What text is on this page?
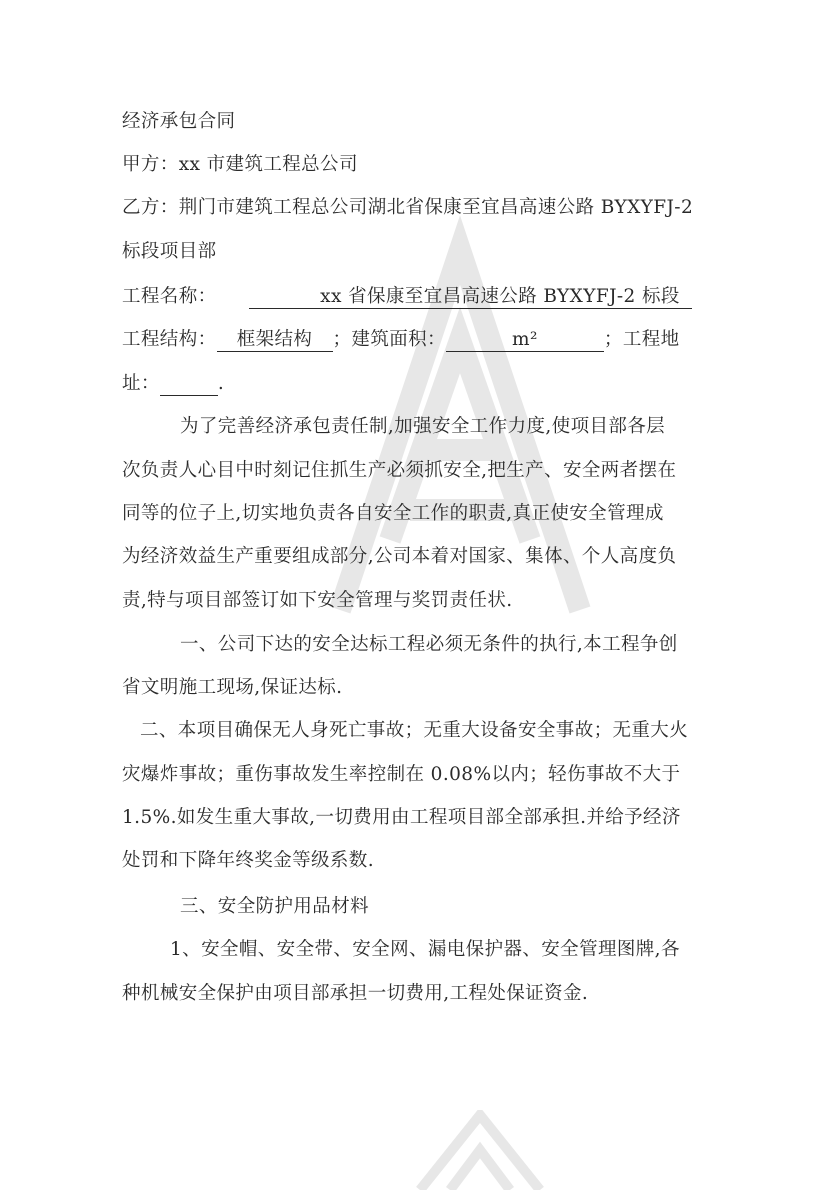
经济承包合同
甲方：xx 市建筑工程总公司
乙方：荆门市建筑工程总公司湖北省保康至宜昌高速公路 BYXYFJ-2
标段项目部
工程名称：	xx 省保康至宜昌高速公路 BYXYFJ-2 标段
工程结构： 框架结构 ；建筑面积：	m²	；工程地
址：	.
为了完善经济承包责任制,加强安全工作力度,使项目部各层
次负责人心目中时刻记住抓生产必须抓安全,把生产、安全两者摆在
同等的位子上,切实地负责各自安全工作的职责,真正使安全管理成
为经济效益生产重要组成部分,公司本着对国家、集体、个人高度负
责,特与项目部签订如下安全管理与奖罚责任状.
一、公司下达的安全达标工程必须无条件的执行,本工程争创
省文明施工现场,保证达标.
二、本项目确保无人身死亡事故；无重大设备安全事故；无重大火
灾爆炸事故；重伤事故发生率控制在 0.08%以内；轻伤事故不大于
1.5%.如发生重大事故,一切费用由工程项目部全部承担.并给予经济
处罚和下降年终奖金等级系数.
三、安全防护用品材料
1、安全帽、安全带、安全网、漏电保护器、安全管理图牌,各
种机械安全保护由项目部承担一切费用,工程处保证资金.
